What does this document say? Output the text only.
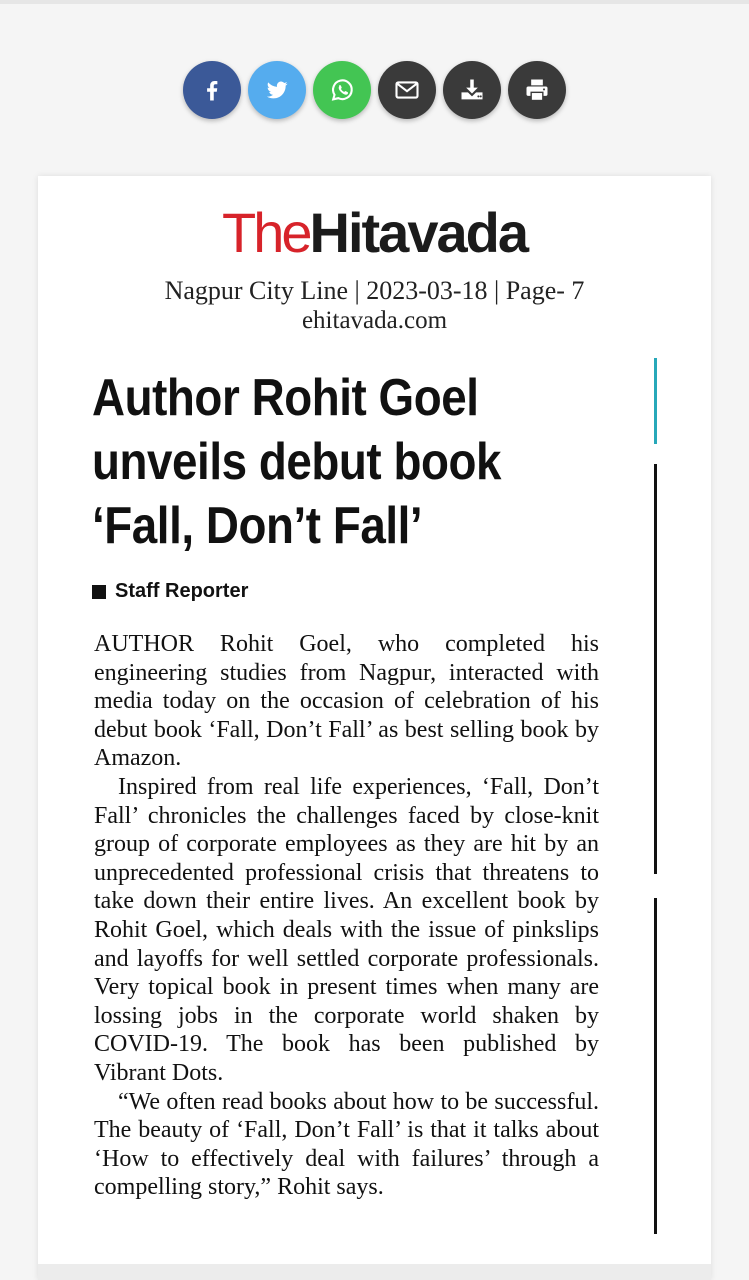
TheHitavada
Nagpur City Line | 2023-03-18 | Page- 7
ehitavada.com
Author Rohit Goel unveils debut book ‘Fall, Don’t Fall’
Staff Reporter

AUTHOR Rohit Goel, who completed his engineering studies from Nagpur, interacted with media today on the occasion of celebration of his debut book ‘Fall, Don’t Fall’ as best selling book by Amazon.

Inspired from real life experiences, ‘Fall, Don’t Fall’ chronicles the challenges faced by close-knit group of corporate employees as they are hit by an unprecedented professional crisis that threatens to take down their entire lives. An excellent book by Rohit Goel, which deals with the issue of pinkslips and layoffs for well settled corporate professionals. Very topical book in present times when many are lossing jobs in the corporate world shaken by COVID-19. The book has been published by Vibrant Dots.

“We often read books about how to be successful. The beauty of ‘Fall, Don’t Fall’ is that it talks about ‘How to effectively deal with failures’ through a compelling story,” Rohit says.
